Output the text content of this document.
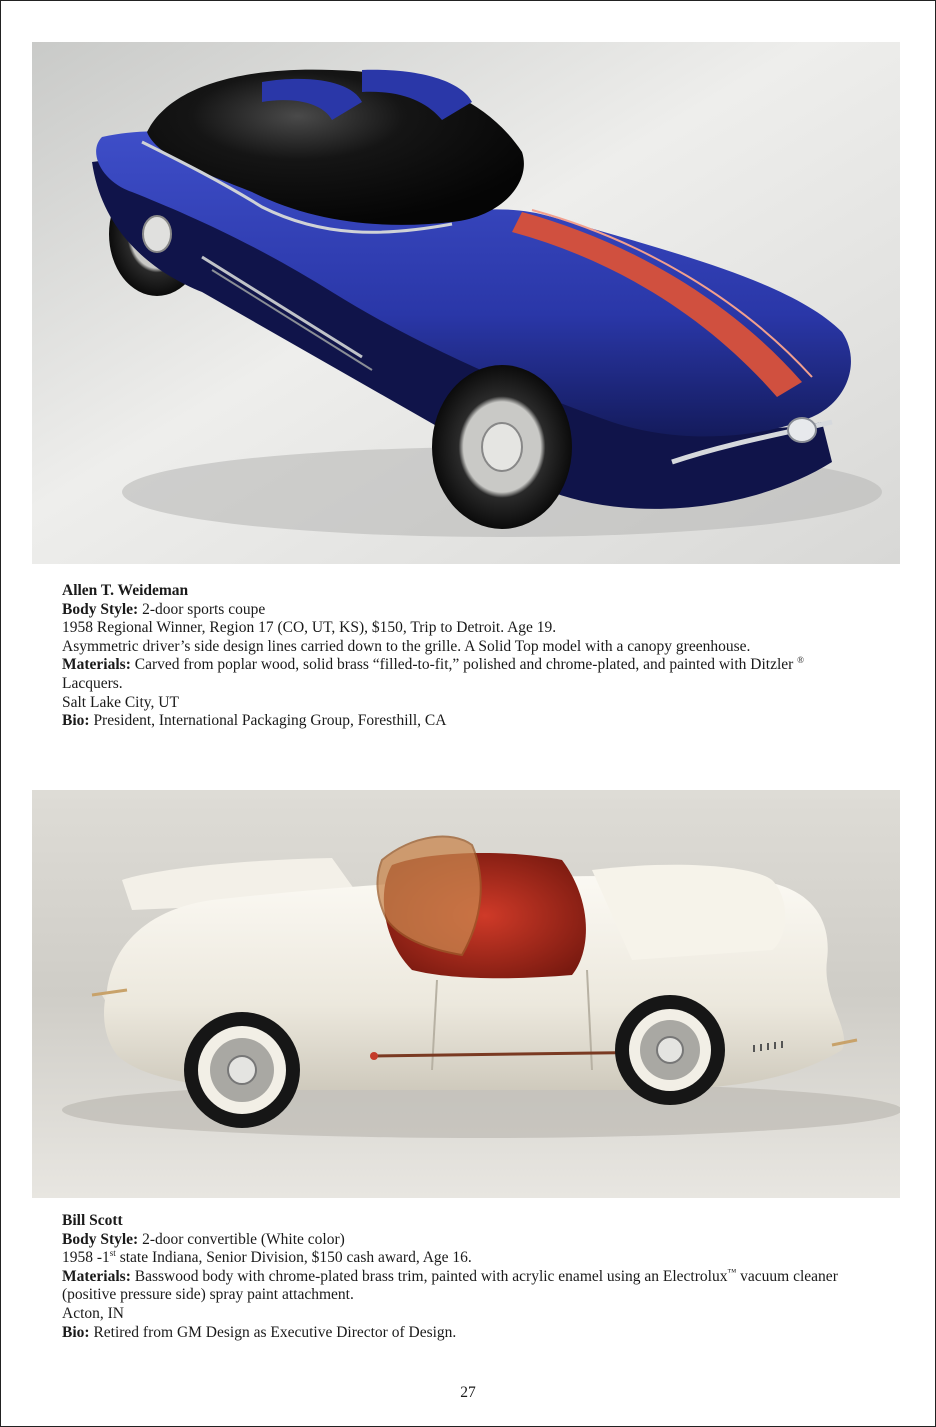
Allen T. Weideman
Body Style: 2-door sports coupe
1958 Regional Winner, Region 17 (CO, UT, KS), $150, Trip to Detroit. Age 19.
Asymmetric driver’s side design lines carried down to the grille. A Solid Top model with a canopy greenhouse.
Materials: Carved from poplar wood, solid brass “filled-to-fit,” polished and chrome-plated, and painted with Ditzler ®
Lacquers.
Salt Lake City, UT
Bio: President, International Packaging Group, Foresthill, CA
Bill Scott
Body Style: 2-door convertible (White color)
1958 -1st state Indiana, Senior Division, $150 cash award, Age 16.
Materials: Basswood body with chrome-plated brass trim, painted with acrylic enamel using an Electrolux™ vacuum cleaner (positive pressure side) spray paint attachment.
Acton, IN
Bio: Retired from GM Design as Executive Director of Design.
27
